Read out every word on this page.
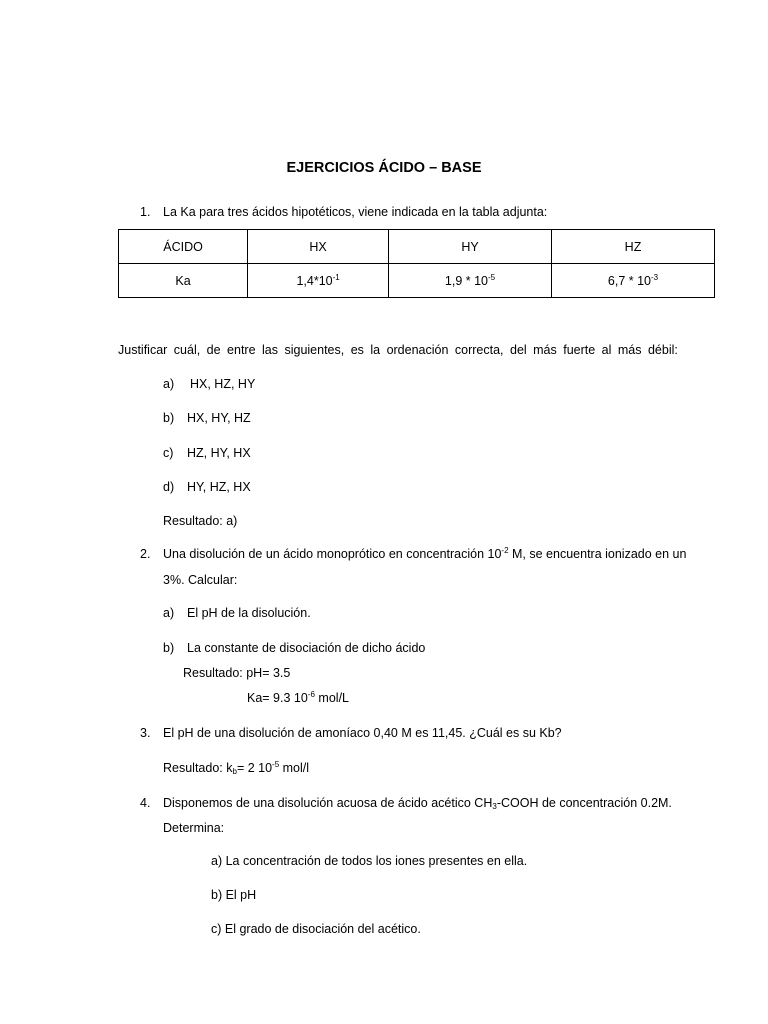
EJERCICIOS ÁCIDO – BASE
1. La Ka para tres ácidos hipotéticos, viene indicada en la tabla adjunta:
ÁCIDO	HX	HY	HZ
Ka	$1,4*10^{-1}$	$1,9 * 10^{-5}$	$6,7 * 10^{-3}$
Justificar cuál, de entre las siguientes, es la ordenación correcta, del más fuerte al más débil:
a) HX, HZ, HY
b) HX, HY, HZ
c) HZ, HY, HX
d) HY, HZ, HX
Resultado: a)
2. Una disolución de un ácido monoprótico en concentración $10^{-2}$ M, se encuentra ionizado en un
3%. Calcular:
a) El pH de la disolución.
b) La constante de disociación de dicho ácido
Resultado: pH= 3.5
Ka= 9.3 $10^{-6}$ mol/L
3. El pH de una disolución de amoníaco 0,40 M es 11,45. ¿Cuál es su Kb?
Resultado: $k_b= 2$ $10^{-5}$ mol/l
4. Disponemos de una disolución acuosa de ácido acético $CH_3$-COOH de concentración 0.2M.
Determina:
a) La concentración de todos los iones presentes en ella.
b) El pH
c) El grado de disociación del acético.
